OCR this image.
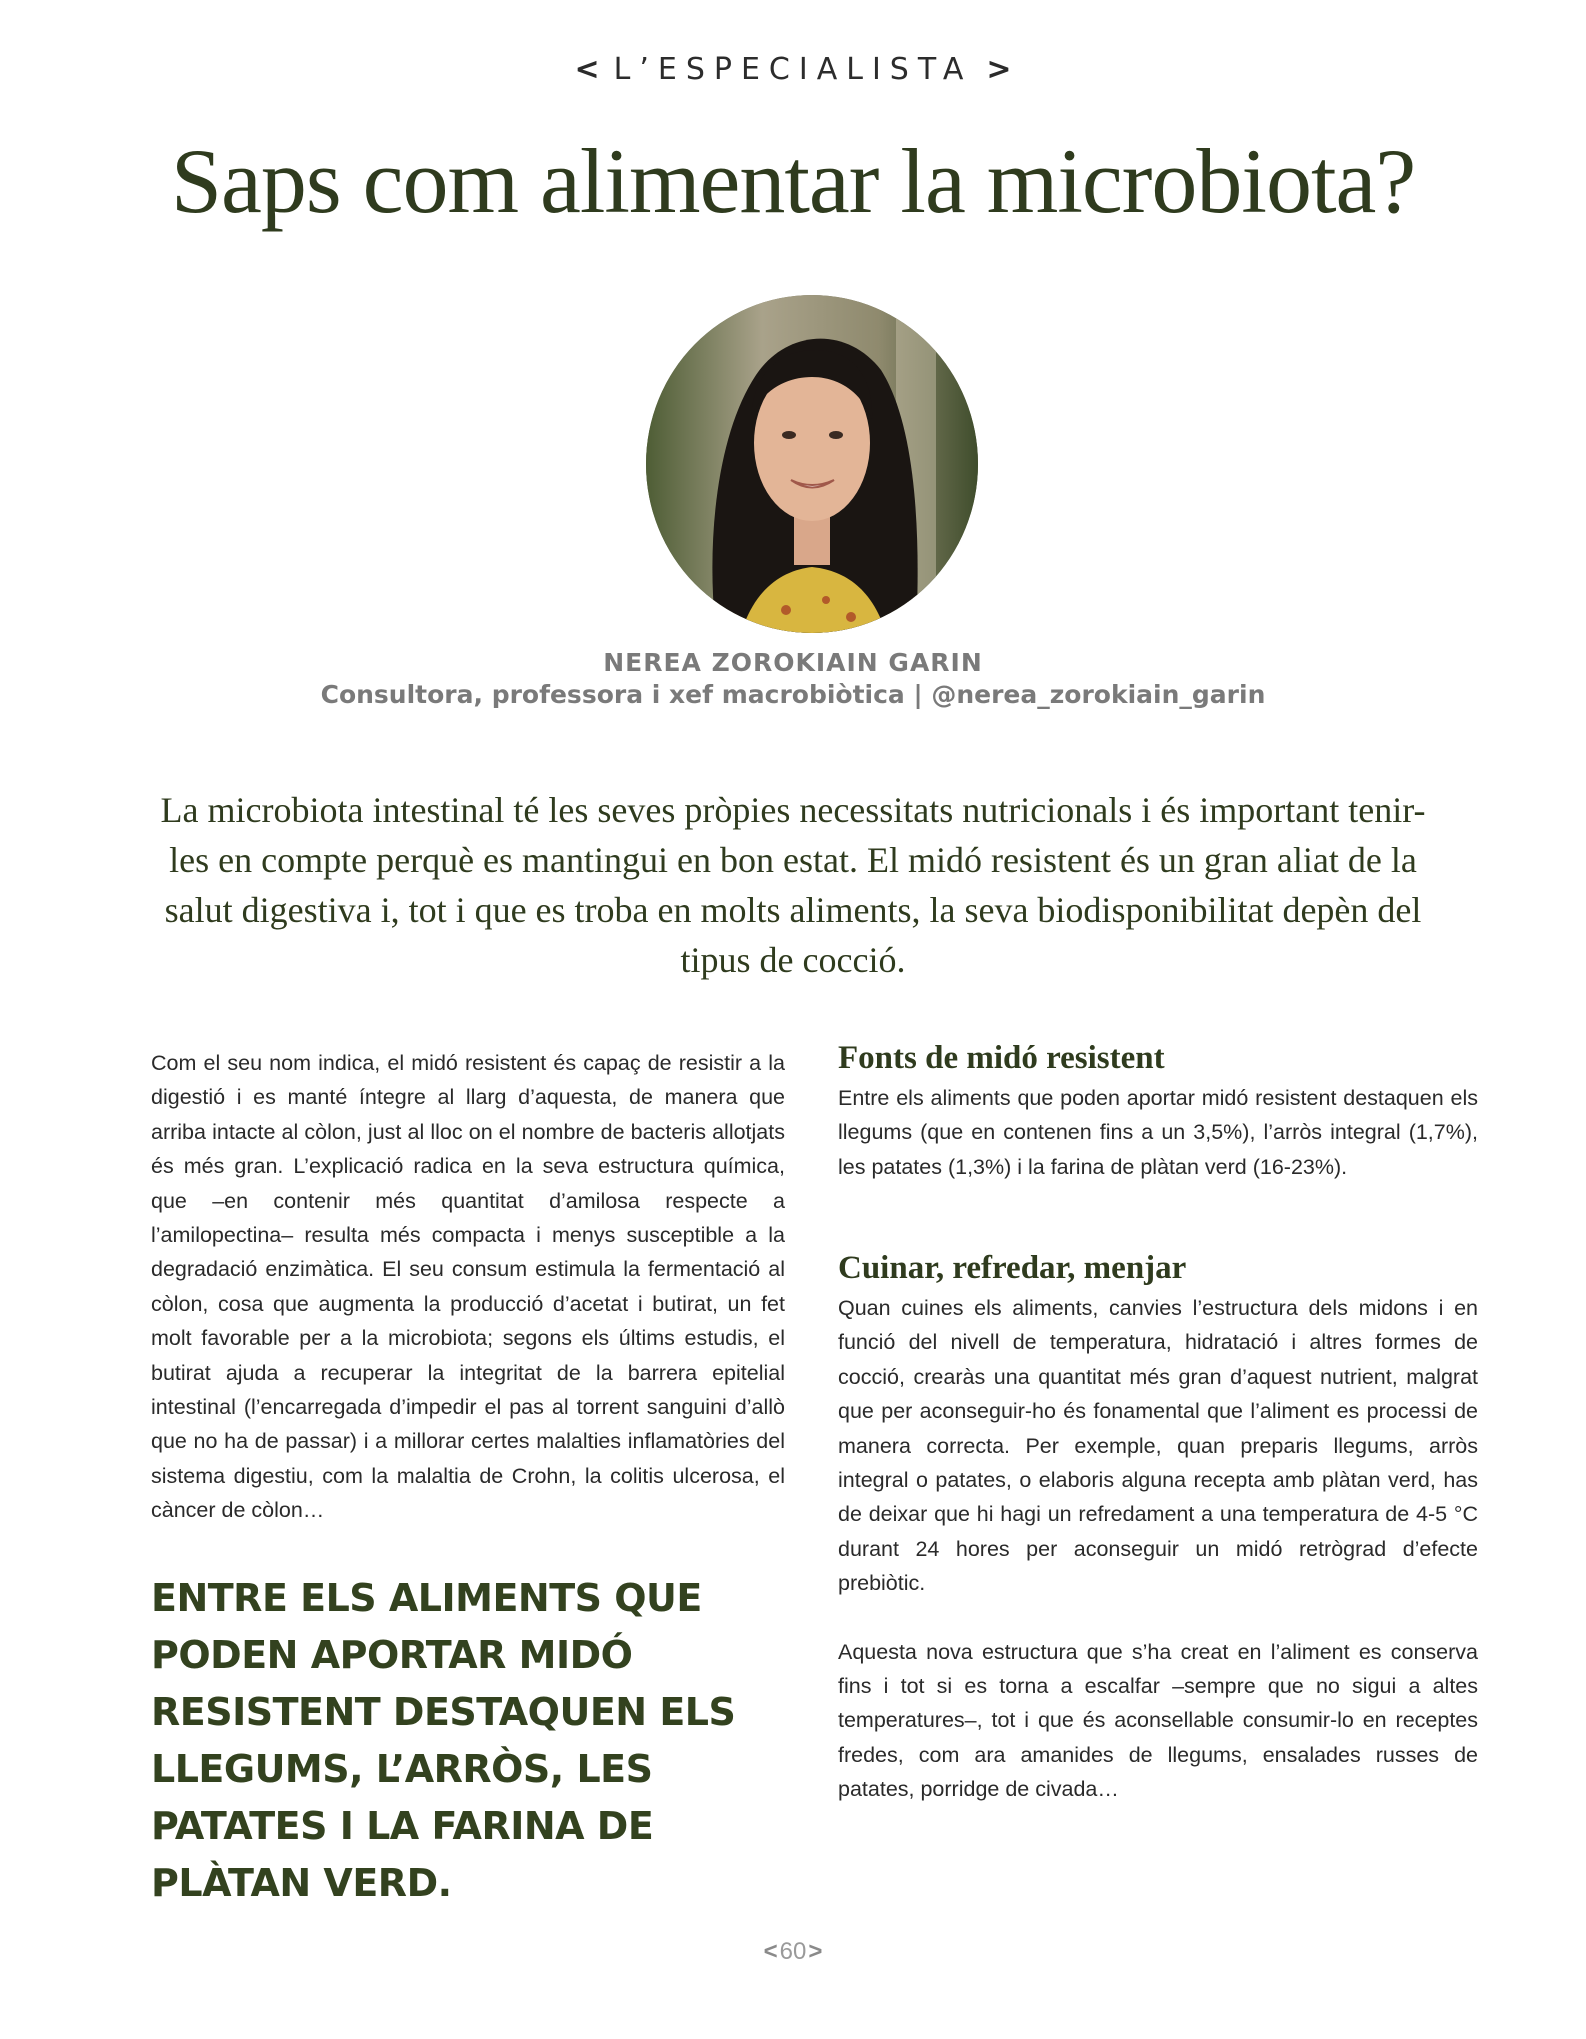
< L’ESPECIALISTA >
Saps com alimentar la microbiota?
NEREA ZOROKIAIN GARIN
Consultora, professora i xef macrobiòtica | @nerea_zorokiain_garin
La microbiota intestinal té les seves pròpies necessitats nutricionals i és important tenir-les en compte perquè es mantingui en bon estat. El midó resistent és un gran aliat de la salut digestiva i, tot i que es troba en molts aliments, la seva biodisponibilitat depèn del tipus de cocció.

Com el seu nom indica, el midó resistent és capaç de resistir a la digestió i es manté íntegre al llarg d’aquesta, de manera que arriba intacte al còlon, just al lloc on el nombre de bacteris allotjats és més gran. L’explicació radica en la seva estructura química, que –en contenir més quantitat d’amilosa respecte a l’amilopectina– resulta més compacta i menys susceptible a la degradació enzimàtica. El seu consum estimula la fermentació al còlon, cosa que augmenta la producció d’acetat i butirat, un fet molt favorable per a la microbiota; segons els últims estudis, el butirat ajuda a recuperar la integritat de la barrera epitelial intestinal (l’encarregada d’impedir el pas al torrent sanguini d’allò que no ha de passar) i a millorar certes malalties inflamatòries del sistema digestiu, com la malaltia de Crohn, la colitis ulcerosa, el càncer de còlon…

ENTRE ELS ALIMENTS QUE PODEN APORTAR MIDÓ RESISTENT DESTAQUEN ELS LLEGUMS, L’ARRÒS, LES PATATES I LA FARINA DE PLÀTAN VERD.
Fonts de midó resistent

Entre els aliments que poden aportar midó resistent destaquen els llegums (que en contenen fins a un 3,5%), l’arròs integral (1,7%), les patates (1,3%) i la farina de plàtan verd (16-23%).

Cuinar, refredar, menjar

Quan cuines els aliments, canvies l’estructura dels midons i en funció del nivell de temperatura, hidratació i altres formes de cocció, crearàs una quantitat més gran d’aquest nutrient, malgrat que per aconseguir-ho és fonamental que l’aliment es processi de manera correcta. Per exemple, quan preparis llegums, arròs integral o patates, o elaboris alguna recepta amb plàtan verd, has de deixar que hi hagi un refredament a una temperatura de 4-5 °C durant 24 hores per aconseguir un midó retrògrad d’efecte prebiòtic.

Aquesta nova estructura que s’ha creat en l’aliment es conserva fins i tot si es torna a escalfar –sempre que no sigui a altes temperatures–, tot i que és aconsellable consumir-lo en receptes fredes, com ara amanides de llegums, ensalades russes de patates, porridge de civada…

<60>
